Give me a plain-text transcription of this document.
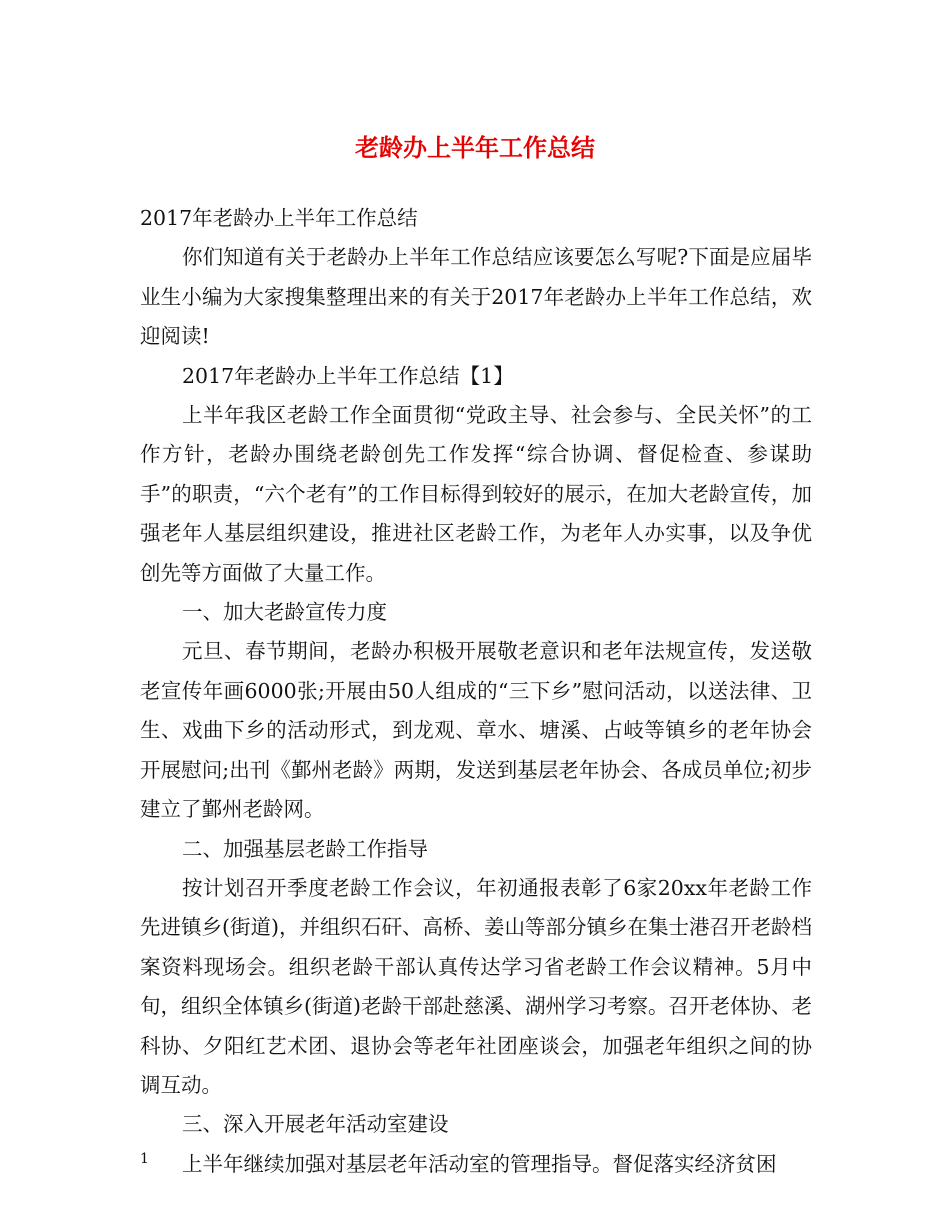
老龄办上半年工作总结

2017年老龄办上半年工作总结

你们知道有关于老龄办上半年工作总结应该要怎么写呢?下面是应届毕业生小编为大家搜集整理出来的有关于2017年老龄办上半年工作总结，欢迎阅读!

2017年老龄办上半年工作总结【1】

上半年我区老龄工作全面贯彻“党政主导、社会参与、全民关怀”的工作方针，老龄办围绕老龄创先工作发挥“综合协调、督促检查、参谋助手”的职责，“六个老有”的工作目标得到较好的展示，在加大老龄宣传，加强老年人基层组织建设，推进社区老龄工作，为老年人办实事，以及争优创先等方面做了大量工作。

一、加大老龄宣传力度

元旦、春节期间，老龄办积极开展敬老意识和老年法规宣传，发送敬老宣传年画6000张;开展由50人组成的“三下乡”慰问活动，以送法律、卫生、戏曲下乡的活动形式，到龙观、章水、塘溪、占岐等镇乡的老年协会开展慰问;出刊《鄞州老龄》两期，发送到基层老年协会、各成员单位;初步建立了鄞州老龄网。

二、加强基层老龄工作指导

按计划召开季度老龄工作会议，年初通报表彰了6家20xx年老龄工作先进镇乡(街道)，并组织石矸、高桥、姜山等部分镇乡在集士港召开老龄档案资料现场会。组织老龄干部认真传达学习省老龄工作会议精神。5月中旬，组织全体镇乡(街道)老龄干部赴慈溪、湖州学习考察。召开老体协、老科协、夕阳红艺术团、退协会等老年社团座谈会，加强老年组织之间的协调互动。

三、深入开展老年活动室建设

上半年继续加强对基层老年活动室的管理指导。督促落实经济贫困

1
